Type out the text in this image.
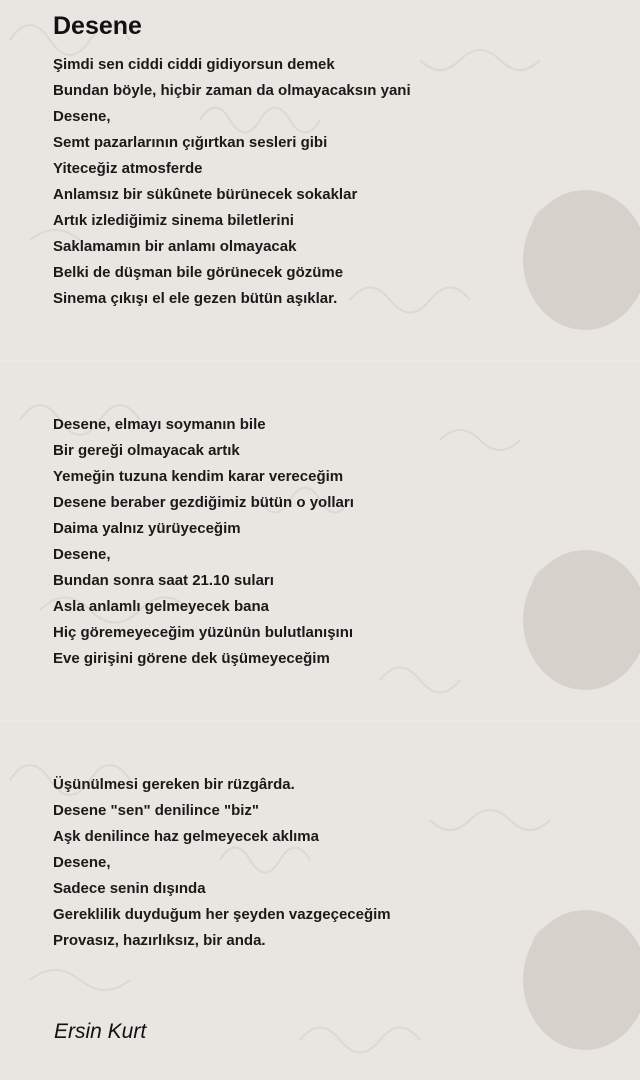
Desene
Şimdi sen ciddi ciddi gidiyorsun demek
Bundan böyle, hiçbir zaman da olmayacaksın yani
Desene,
Semt pazarlarının çığırtkan sesleri gibi
Yiteceğiz atmosferde
Anlamsız bir sükûnete bürünecek sokaklar
Artık izlediğimiz sinema biletlerini
Saklamamın bir anlamı olmayacak
Belki de düşman bile görünecek gözüme
Sinema çıkışı el ele gezen bütün aşıklar.
Desene, elmayı soymanın bile
Bir gereği olmayacak artık
Yemeğin tuzuna kendim karar vereceğim
Desene beraber gezdiğimiz bütün o yolları
Daima yalnız yürüyeceğim
Desene,
Bundan sonra saat 21.10 suları
Asla anlamlı gelmeyecek bana
Hiç göremeyeceğim yüzünün bulutlanışını
Eve girişini görene dek üşümeyeceğim
Üşünülmesi gereken bir rüzgârda.
Desene "sen" denilince "biz"
Aşk denilince haz gelmeyecek aklıma
Desene,
Sadece senin dışında
Gereklilik duyduğum her şeyden vazgeçeceğim
Provasız, hazırlıksız, bir anda.
Ersin Kurt
